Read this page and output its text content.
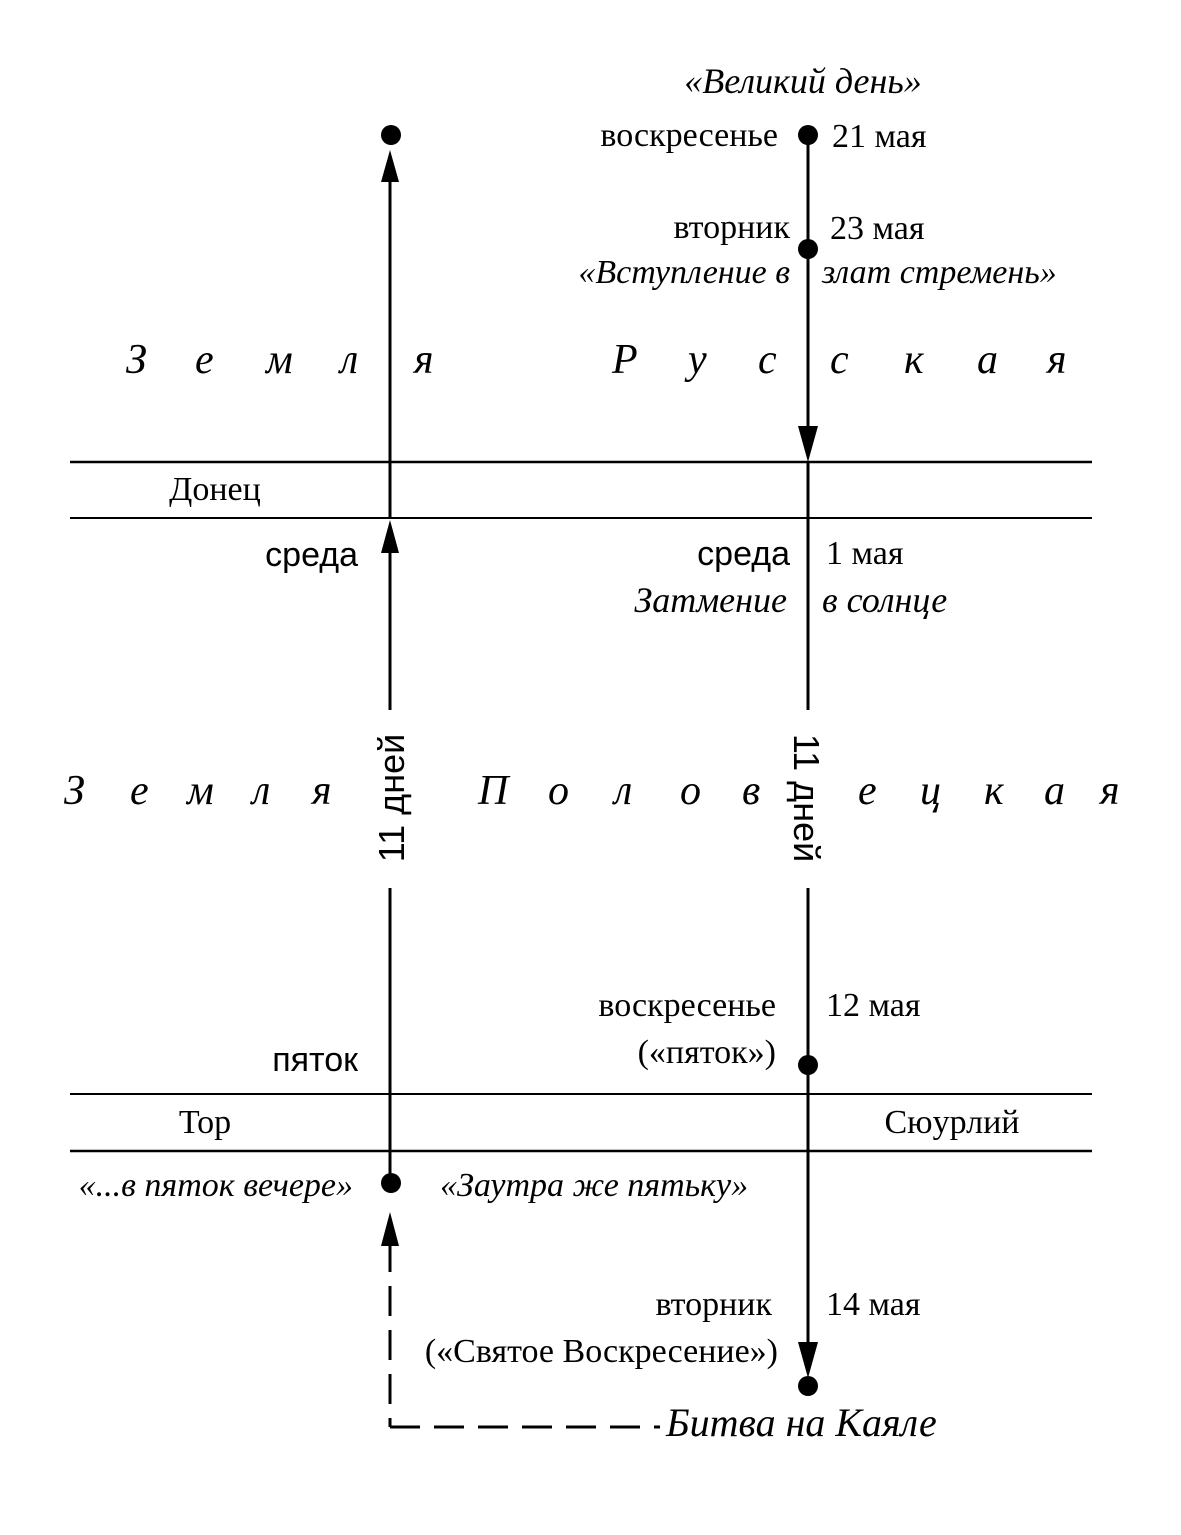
«Великий день»
воскресенье 21 мая
вторник 23 мая
«Вступление в злат стремень»
З е м л я	Р у с с к а я
Донец
среда	среда 1 мая
Затмение в солнце
11 дней	11 дней
З е м л я	П о л о в е ц к а я
воскресенье 12 мая
(«пяток»)
пяток
Тор	Сюурлий
«...в пяток вечере»	«Заутра же пятьку»
вторник 14 мая
(«Святое Воскресение»)
Битва на Каяле
